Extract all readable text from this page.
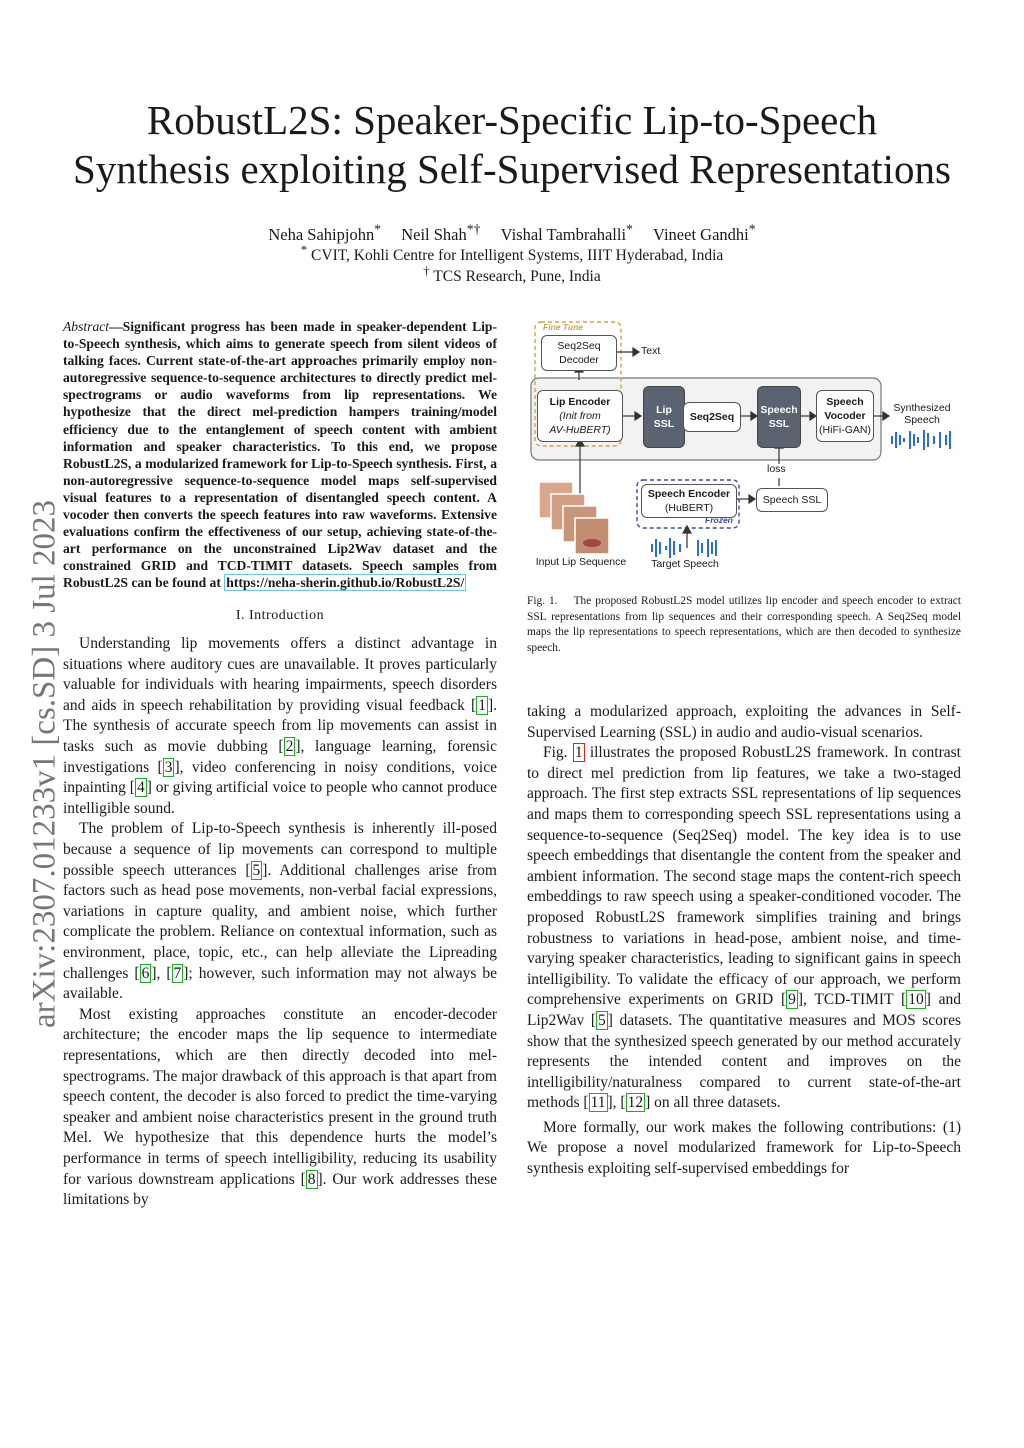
RobustL2S: Speaker-Specific Lip-to-Speech
Synthesis exploiting Self-Supervised Representations
Neha Sahipjohn* Neil Shah*† Vishal Tambrahalli* Vineet Gandhi*
* CVIT, Kohli Centre for Intelligent Systems, IIIT Hyderabad, India
† TCS Research, Pune, India
arXiv:2307.01233v1 [cs.SD] 3 Jul 2023

Abstract—Significant progress has been made in speaker-dependent Lip-to-Speech synthesis, which aims to generate speech from silent videos of talking faces. Current state-of-the-art approaches primarily employ non-autoregressive sequence-to-sequence architectures to directly predict mel-spectrograms or audio waveforms from lip representations. We hypothesize that the direct mel-prediction hampers training/model efficiency due to the entanglement of speech content with ambient information and speaker characteristics. To this end, we propose RobustL2S, a modularized framework for Lip-to-Speech synthesis. First, a non-autoregressive sequence-to-sequence model maps self-supervised visual features to a representation of disentangled speech content. A vocoder then converts the speech features into raw waveforms. Extensive evaluations confirm the effectiveness of our setup, achieving state-of-the-art performance on the unconstrained Lip2Wav dataset and the constrained GRID and TCD-TIMIT datasets. Speech samples from RobustL2S can be found at https://neha-sherin.github.io/RobustL2S/

I. Introduction

Understanding lip movements offers a distinct advantage in situations where auditory cues are unavailable. It proves particularly valuable for individuals with hearing impairments, speech disorders and aids in speech rehabilitation by providing visual feedback [ 1 ]. The synthesis of accurate speech from lip movements can assist in tasks such as movie dubbing [ 2 ], language learning, forensic investigations [ 3 ], video conferencing in noisy conditions, voice inpainting [ 4 ] or giving artificial voice to people who cannot produce intelligible sound.

The problem of Lip-to-Speech synthesis is inherently ill-posed because a sequence of lip movements can correspond to multiple possible speech utterances [ 5 ]. Additional challenges arise from factors such as head pose movements, non-verbal facial expressions, variations in capture quality, and ambient noise, which further complicate the problem. Reliance on contextual information, such as environment, place, topic, etc., can help alleviate the Lipreading challenges [ 6 ], [ 7 ]; however, such information may not always be available.

Most existing approaches constitute an encoder-decoder architecture; the encoder maps the lip sequence to intermediate representations, which are then directly decoded into mel-spectrograms. The major drawback of this approach is that apart from speech content, the decoder is also forced to predict the time-varying speaker and ambient noise characteristics present in the ground truth Mel. We hypothesize that this dependence hurts the model’s performance in terms of speech intelligibility, reducing its usability for various downstream applications [ 8 ]. Our work addresses these limitations by

Fine Tune
Seq2Seq
Decoder
Text
Lip Encoder
(Init from
AV-HuBERT)
Lip
SSL
Seq2Seq
Speech
SSL
Speech
Vocoder
(HiFi-GAN)
Synthesized
Speech
loss
Speech Encoder
(HuBERT)
Frozen
Speech SSL
Input Lip Sequence	Target Speech
Fig. 1. The proposed RobustL2S model utilizes lip encoder and speech encoder to extract SSL representations from lip sequences and their corresponding speech. A Seq2Seq model maps the lip representations to speech representations, which are then decoded to synthesize speech.

taking a modularized approach, exploiting the advances in Self-Supervised Learning (SSL) in audio and audio-visual scenarios.

Fig. 1 illustrates the proposed RobustL2S framework. In contrast to direct mel prediction from lip features, we take a two-staged approach. The first step extracts SSL representations of lip sequences and maps them to corresponding speech SSL representations using a sequence-to-sequence (Seq2Seq) model. The key idea is to use speech embeddings that disentangle the content from the speaker and ambient information. The second stage maps the content-rich speech embeddings to raw speech using a speaker-conditioned vocoder. The proposed RobustL2S framework simplifies training and brings robustness to variations in head-pose, ambient noise, and time-varying speaker characteristics, leading to significant gains in speech intelligibility. To validate the efficacy of our approach, we perform comprehensive experiments on GRID [ 9 ], TCD-TIMIT [ 10 ] and Lip2Wav [ 5 ] datasets. The quantitative measures and MOS scores show that the synthesized speech generated by our method accurately represents the intended content and improves on the intelligibility/naturalness compared to current state-of-the-art methods [ 11 ], [ 12 ] on all three datasets.

More formally, our work makes the following contributions: (1) We propose a novel modularized framework for Lip-to-Speech synthesis exploiting self-supervised embeddings for
